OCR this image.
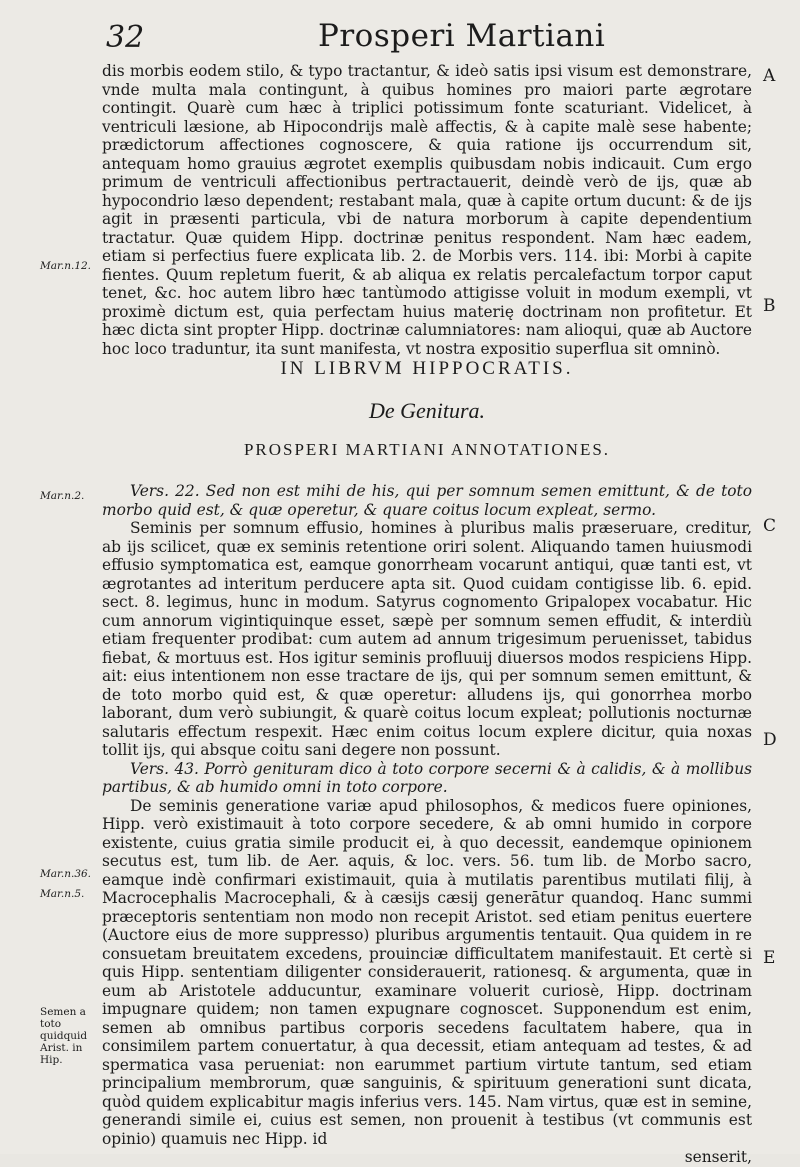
32	Prosperi Martiani

dis morbis eodem stilo, & typo tractantur, & ideò satis ipsi visum est demonstrare, vnde multa mala contingunt, à quibus homines pro maiori parte ægrotare contingit. Quarè cum hæc à triplici potissimum fonte scaturiant. Videlicet, à ventriculi læsione, ab Hipocondrijs malè affectis, & à capite malè sese habente; prædictorum affectiones cognoscere, & quia ratione ijs occurrendum sit, antequam homo grauius ægrotet exemplis quibusdam nobis indicauit. Cum ergo primum de ventriculi affectionibus pertractauerit, deindè verò de ijs, quæ ab hypocondrio læso dependent; restabant mala, quæ à capite ortum ducunt: & de ijs agit in præsenti particula, vbi de natura morborum à capite dependentium tractatur. Quæ quidem Hipp. doctrinæ penitus respondent. Nam hæc eadem, etiam si perfectius fuere explicata lib. 2. de Morbis vers. 114. ibi: Morbi à capite fientes. Quum repletum fuerit, & ab aliqua ex relatis percalefactum torpor caput tenet, &c. hoc autem libro hæc tantùmodo attigisse voluit in modum exempli, vt proximè dictum est, quia perfectam huius materię doctrinam non profitetur. Et hæc dicta sint propter Hipp. doctrinæ calumniatores: nam alioqui, quæ ab Auctore hoc loco traduntur, ita sunt manifesta, vt nostra expositio superflua sit omninò.

IN LIBRVM HIPPOCRATIS.
De Genitura.
PROSPERI MARTIANI ANNOTATIONES.

Vers. 22. Sed non est mihi de his, qui per somnum semen emittunt, & de toto morbo quid est, & quæ operetur, & quare coitus locum expleat, sermo.

Seminis per somnum effusio, homines à pluribus malis præseruare, creditur, ab ijs scilicet, quæ ex seminis retentione oriri solent. Aliquando tamen huiusmodi effusio symptomatica est, eamque gonorrheam vocarunt antiqui, quæ tanti est, vt ægrotantes ad interitum perducere apta sit. Quod cuidam contigisse lib. 6. epid. sect. 8. legimus, hunc in modum. Satyrus cognomento Gripalopex vocabatur. Hic cum annorum vigintiquinque esset, sæpè per somnum semen effudit, & interdiù etiam frequenter prodibat: cum autem ad annum trigesimum peruenisset, tabidus fiebat, & mortuus est. Hos igitur seminis profluuij diuersos modos respiciens Hipp. ait: eius intentionem non esse tractare de ijs, qui per somnum semen emittunt, & de toto morbo quid est, & quæ operetur: alludens ijs, qui gonorrhea morbo laborant, dum verò subiungit, & quarè coitus locum expleat; pollutionis nocturnæ salutaris effectum respexit. Hæc enim coitus locum explere dicitur, quia noxas tollit ijs, qui absque coitu sani degere non possunt.

Vers. 43. Porrò genituram dico à toto corpore secerni & à calidis, & à mollibus partibus, & ab humido omni in toto corpore.

De seminis generatione variæ apud philosophos, & medicos fuere opiniones, Hipp. verò existimauit à toto corpore secedere, & ab omni humido in corpore existente, cuius gratia simile producit ei, à quo decessit, eandemque opinionem secutus est, tum lib. de Aer. aquis, & loc. vers. 56. tum lib. de Morbo sacro, eamque indè confirmari existimauit, quia à mutilatis parentibus mutilati filij, à Macrocephalis Macrocephali, & à cæsijs cæsij generātur quandoq. Hanc summi præceptoris sententiam non modo non recepit Aristot. sed etiam penitus euertere (Auctore eius de more suppresso) pluribus argumentis tentauit. Qua quidem in re consuetam breuitatem excedens, prouinciæ difficultatem manifestauit. Et certè si quis Hipp. sententiam diligenter considerauerit, rationesq. & argumenta, quæ in eum ab Aristotele adducuntur, examinare voluerit curiosè, Hipp. doctrinam impugnare quidem; non tamen expugnare cognoscet. Supponendum est enim, semen ab omnibus partibus corporis secedens facultatem habere, qua in consimilem partem conuertatur, à qua decessit, etiam antequam ad testes, & ad spermatica vasa perueniat: non earummet partium virtute tantum, sed etiam principalium membrorum, quæ sanguinis, & spirituum generationi sunt dicata, quòd quidem explicabitur magis inferius vers. 145. Nam virtus, quæ est in semine, generandi simile ei, cuius est semen, non prouenit à testibus (vt communis est opinio) quamuis nec Hipp. id

senserit,

Mar.n.12.
Mar.n.2.
Mar.n.36.
Mar.n.5.
Semen a toto quidquid Arist. in Hip.
A
B
C
D
E
